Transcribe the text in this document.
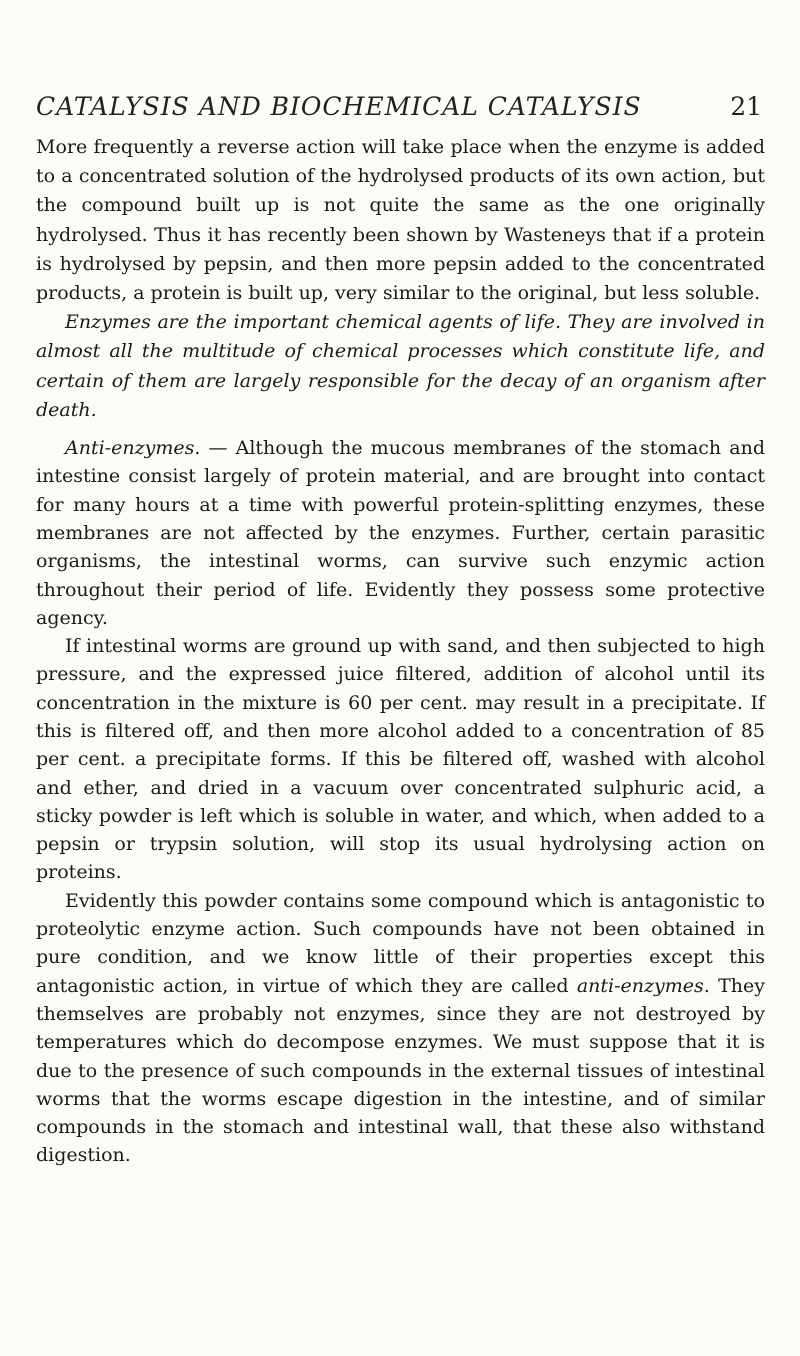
CATALYSIS AND BIOCHEMICAL CATALYSIS	21

More frequently a reverse action will take place when the enzyme is added to a concentrated solution of the hydrolysed products of its own action, but the compound built up is not quite the same as the one originally hydrolysed. Thus it has recently been shown by Wasteneys that if a protein is hydrolysed by pepsin, and then more pepsin added to the concentrated products, a protein is built up, very similar to the original, but less soluble.

Enzymes are the important chemical agents of life. They are involved in almost all the multitude of chemical processes which constitute life, and certain of them are largely responsible for the decay of an organism after death.

Anti-enzymes. — Although the mucous membranes of the stomach and intestine consist largely of protein material, and are brought into contact for many hours at a time with powerful protein-splitting enzymes, these membranes are not affected by the enzymes. Further, certain parasitic organisms, the intestinal worms, can survive such enzymic action throughout their period of life. Evidently they possess some protective agency.

If intestinal worms are ground up with sand, and then subjected to high pressure, and the expressed juice filtered, addition of alcohol until its concentration in the mixture is 60 per cent. may result in a precipitate. If this is filtered off, and then more alcohol added to a concentration of 85 per cent. a precipitate forms. If this be filtered off, washed with alcohol and ether, and dried in a vacuum over concentrated sulphuric acid, a sticky powder is left which is soluble in water, and which, when added to a pepsin or trypsin solution, will stop its usual hydrolysing action on proteins.

Evidently this powder contains some compound which is antagonistic to proteolytic enzyme action. Such compounds have not been obtained in pure condition, and we know little of their properties except this antagonistic action, in virtue of which they are called anti-enzymes. They themselves are probably not enzymes, since they are not destroyed by temperatures which do decompose enzymes. We must suppose that it is due to the presence of such compounds in the external tissues of intestinal worms that the worms escape digestion in the intestine, and of similar compounds in the stomach and intestinal wall, that these also withstand digestion.
